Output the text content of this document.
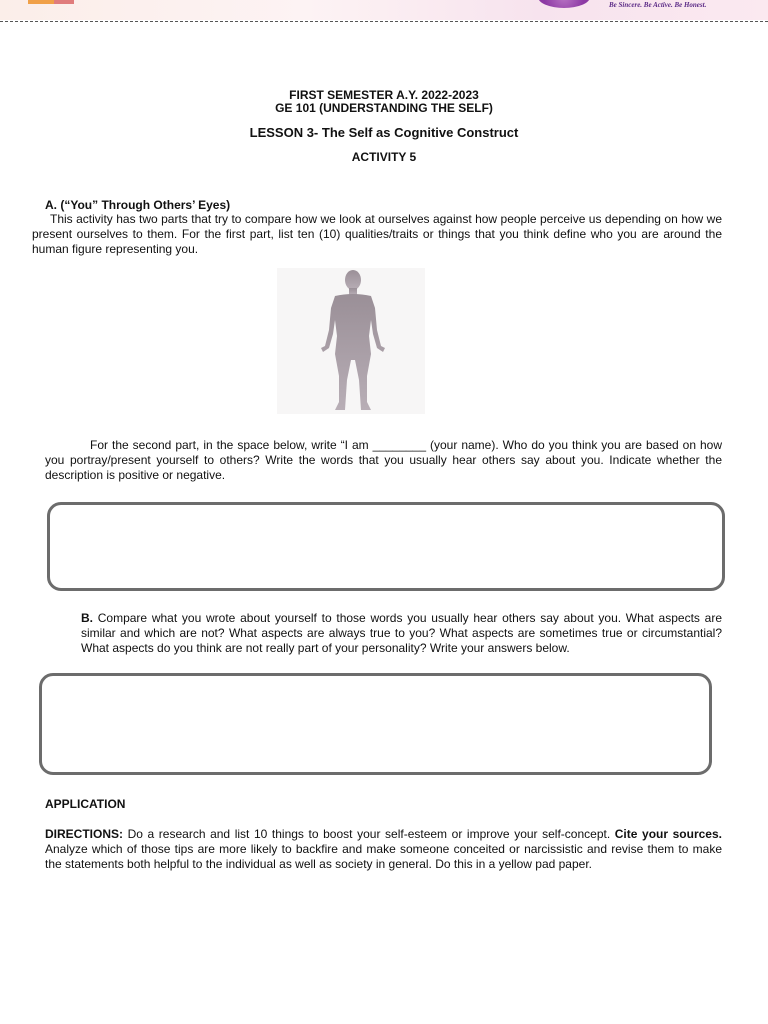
Be Sincere. Be Active. Be Honest.
FIRST SEMESTER A.Y. 2022-2023
GE 101 (UNDERSTANDING THE SELF)
LESSON 3- The Self as Cognitive Construct
ACTIVITY 5
A. (“You” Through Others’ Eyes)
This activity has two parts that try to compare how we look at ourselves against how people perceive us depending on how we present ourselves to them. For the first part, list ten (10) qualities/traits or things that you think define who you are around the human figure representing you.
For the second part, in the space below, write “I am ________ (your name). Who do you think you are based on how you portray/present yourself to others? Write the words that you usually hear others say about you. Indicate whether the description is positive or negative.
B. Compare what you wrote about yourself to those words you usually hear others say about you. What aspects are similar and which are not? What aspects are always true to you? What aspects are sometimes true or circumstantial? What aspects do you think are not really part of your personality? Write your answers below.
APPLICATION
DIRECTIONS: Do a research and list 10 things to boost your self-esteem or improve your self-concept. Cite your sources. Analyze which of those tips are more likely to backfire and make someone conceited or narcissistic and revise them to make the statements both helpful to the individual as well as society in general. Do this in a yellow pad paper.
